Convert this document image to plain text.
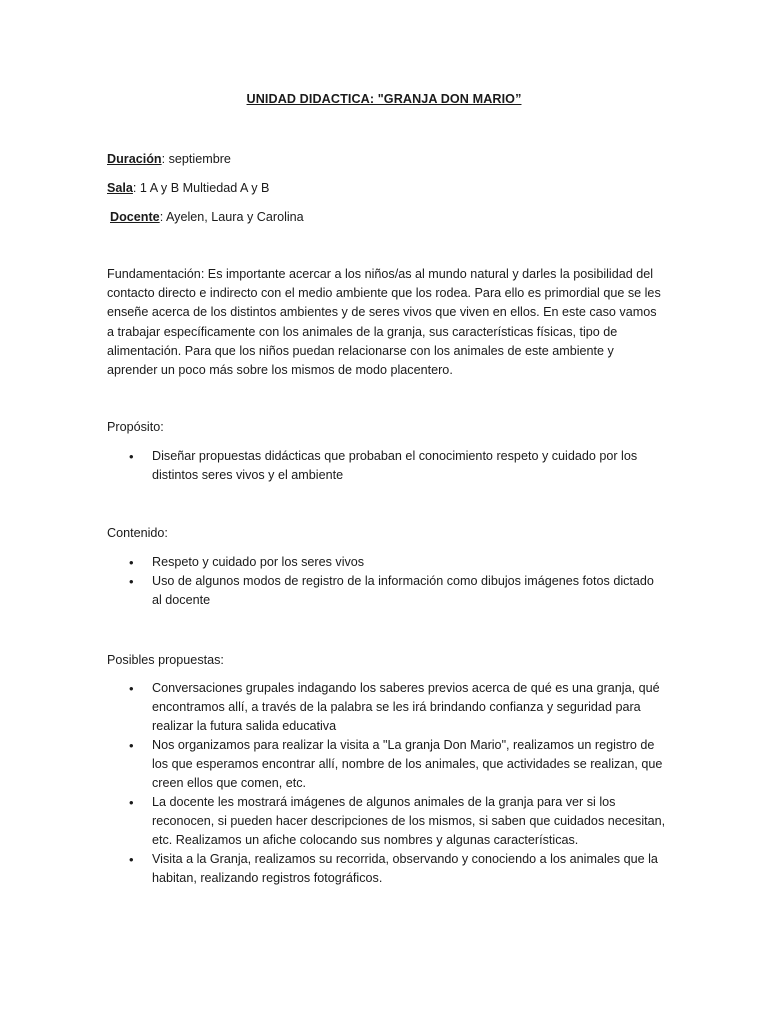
UNIDAD DIDACTICA: "GRANJA DON MARIO”
Duración: septiembre
Sala: 1 A y B Multiedad A y B
Docente: Ayelen, Laura y Carolina

Fundamentación: Es importante acercar a los niños/as al mundo natural y darles la posibilidad del contacto directo e indirecto con el medio ambiente que los rodea. Para ello es primordial que se les enseñe acerca de los distintos ambientes y de seres vivos que viven en ellos. En este caso vamos a trabajar específicamente con los animales de la granja, sus características físicas, tipo de alimentación. Para que los niños puedan relacionarse con los animales de este ambiente y aprender un poco más sobre los mismos de modo placentero.

Propósito:
• Diseñar propuestas didácticas que probaban el conocimiento respeto y cuidado por los distintos seres vivos y el ambiente
Contenido:
• Respeto y cuidado por los seres vivos
• Uso de algunos modos de registro de la información como dibujos imágenes fotos dictado al docente
Posibles propuestas:
• Conversaciones grupales indagando los saberes previos acerca de qué es una granja, qué encontramos allí, a través de la palabra se les irá brindando confianza y seguridad para realizar la futura salida educativa
• Nos organizamos para realizar la visita a "La granja Don Mario", realizamos un registro de los que esperamos encontrar allí, nombre de los animales, que actividades se realizan, que creen ellos que comen, etc.
• La docente les mostrará imágenes de algunos animales de la granja para ver si los reconocen, si pueden hacer descripciones de los mismos, si saben que cuidados necesitan, etc. Realizamos un afiche colocando sus nombres y algunas características.
• Visita a la Granja, realizamos su recorrida, observando y conociendo a los animales que la habitan, realizando registros fotográficos.
